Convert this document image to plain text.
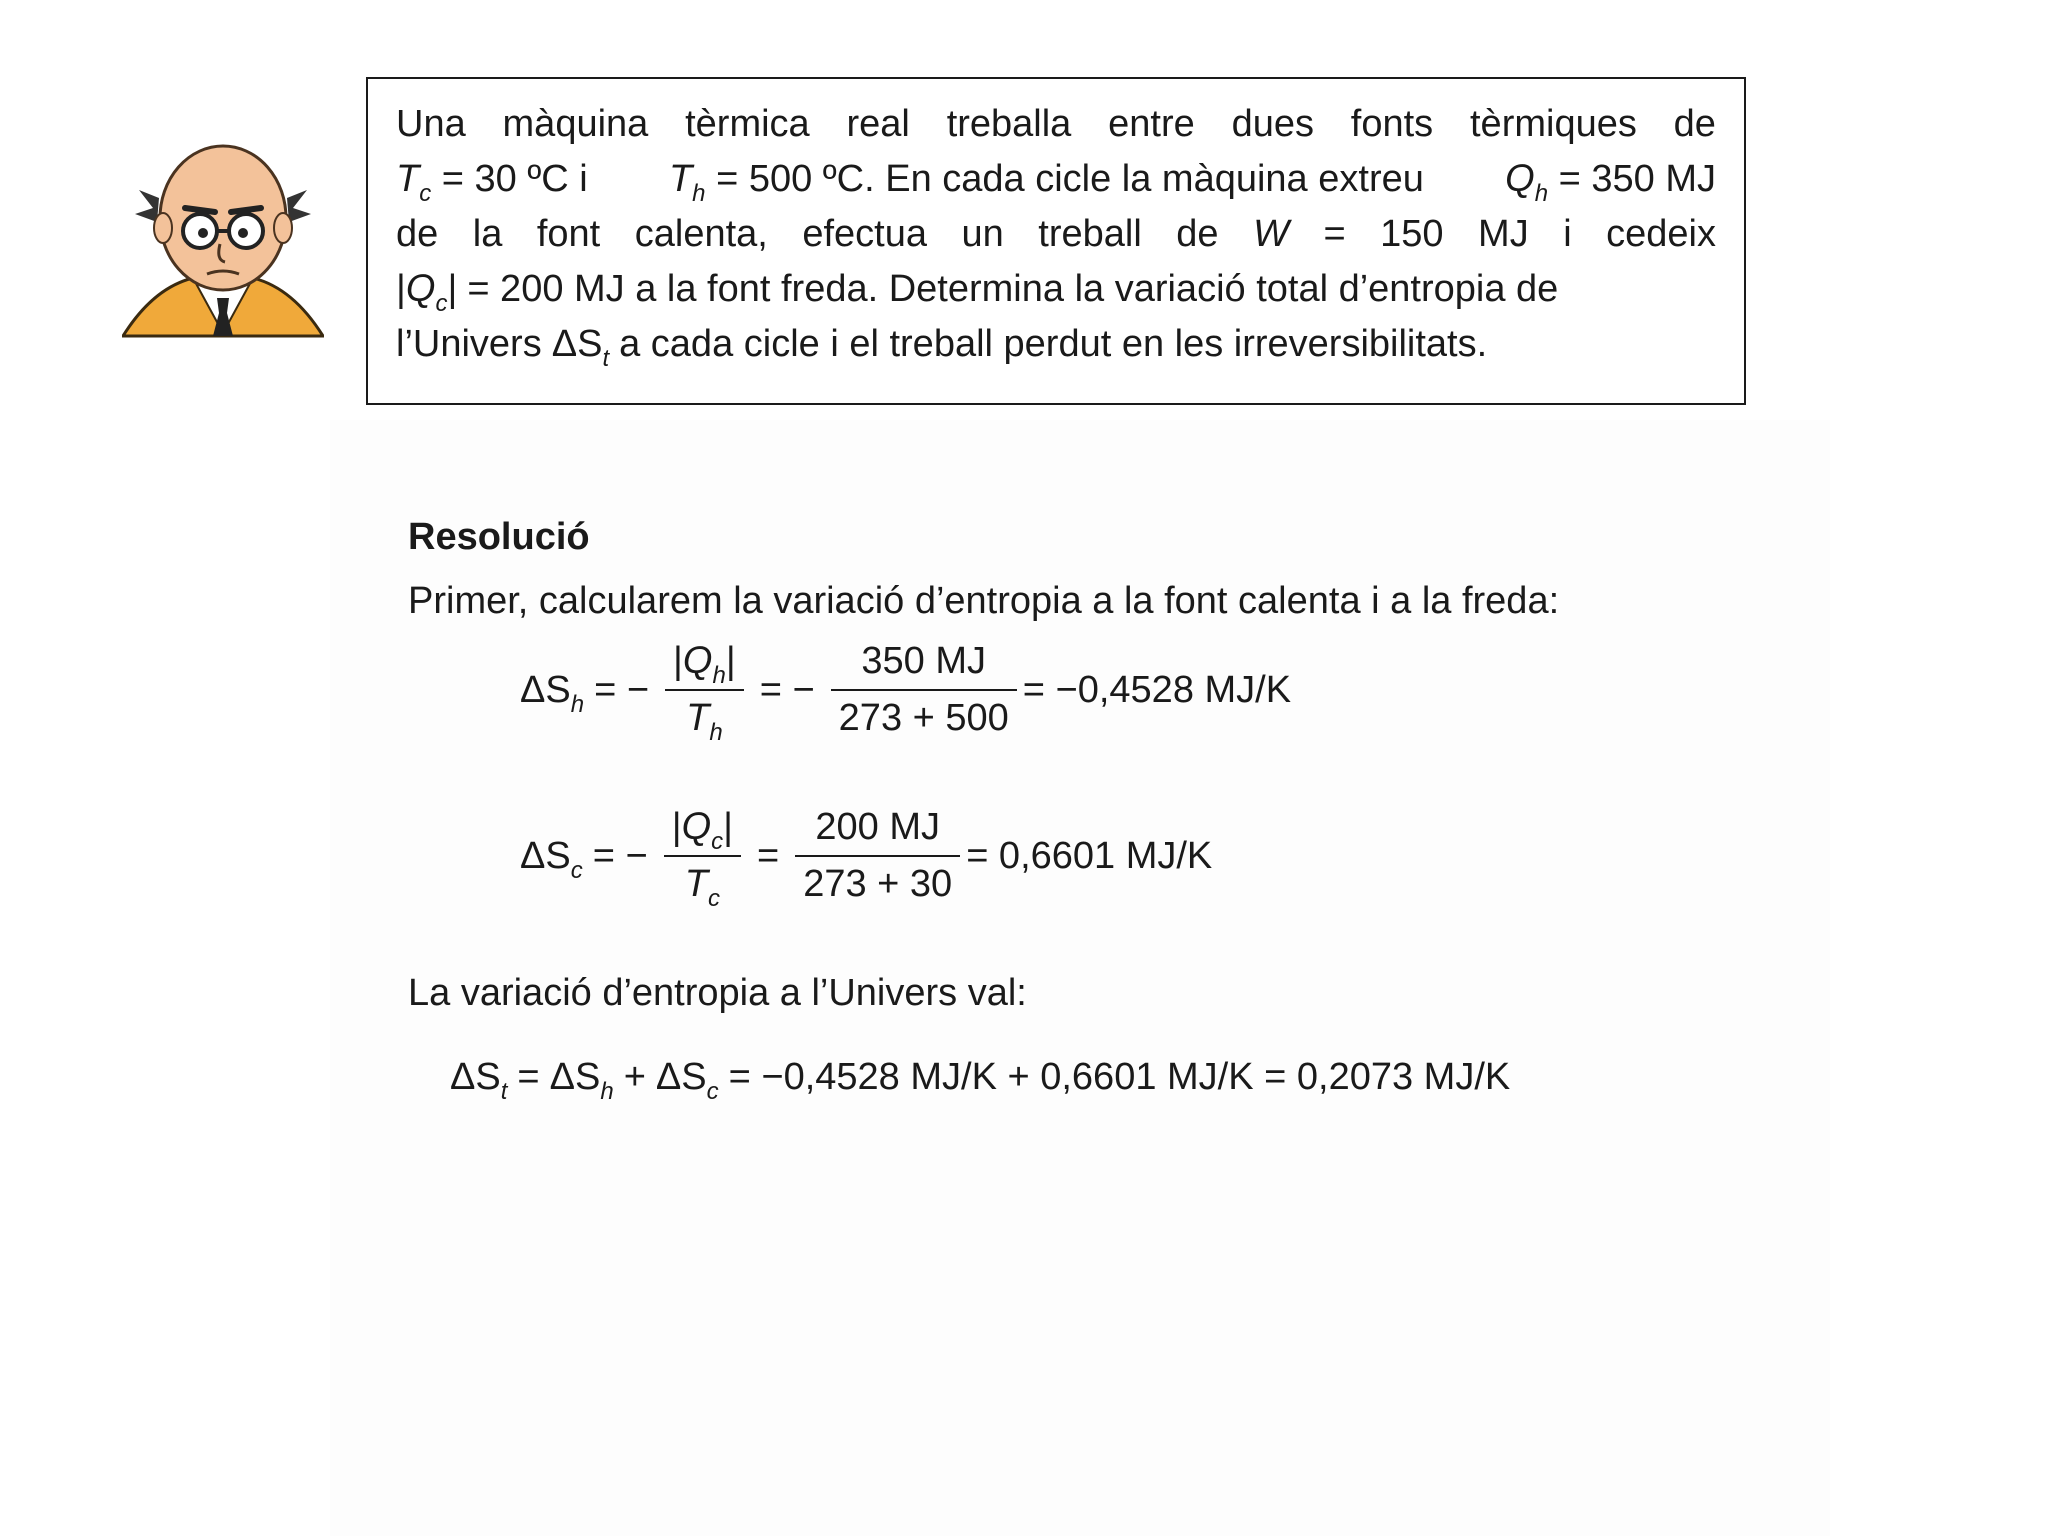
Una màquina tèrmica real treballa entre dues fonts tèrmiques de
$T_c = 30$ ºC i $T_h = 500$ ºC. En cada cicle la màquina extreu $Q_h = 350$ MJ
de la font calenta, efectua un treball de W = 150 MJ i cedeix
$|Q_c| = 200$ MJ a la font freda. Determina la variació total d’entropia de
l’Univers $\Delta S_t$ a cada cicle i el treball perdut en les irreversibilitats.
Resolució
Primer, calcularem la variació d’entropia a la font calenta i a la freda:
$\Delta S_h$ = − $\frac{|Q_h|}{T_h}$ = − $\frac{350 MJ}{273 + 500} = -0,4528$ MJ/K
$\Delta S_c$ = − $\frac{|Q_c|}{T_c} = \frac{200 MJ}{273 + 30} = 0,6601$ MJ/K
La variació d’entropia a l’Univers val:
$\Delta S_t = \Delta S_h + \Delta S_c = -0,4528$ MJ/K + 0,6601 MJ/K = 0,2073 MJ/K
